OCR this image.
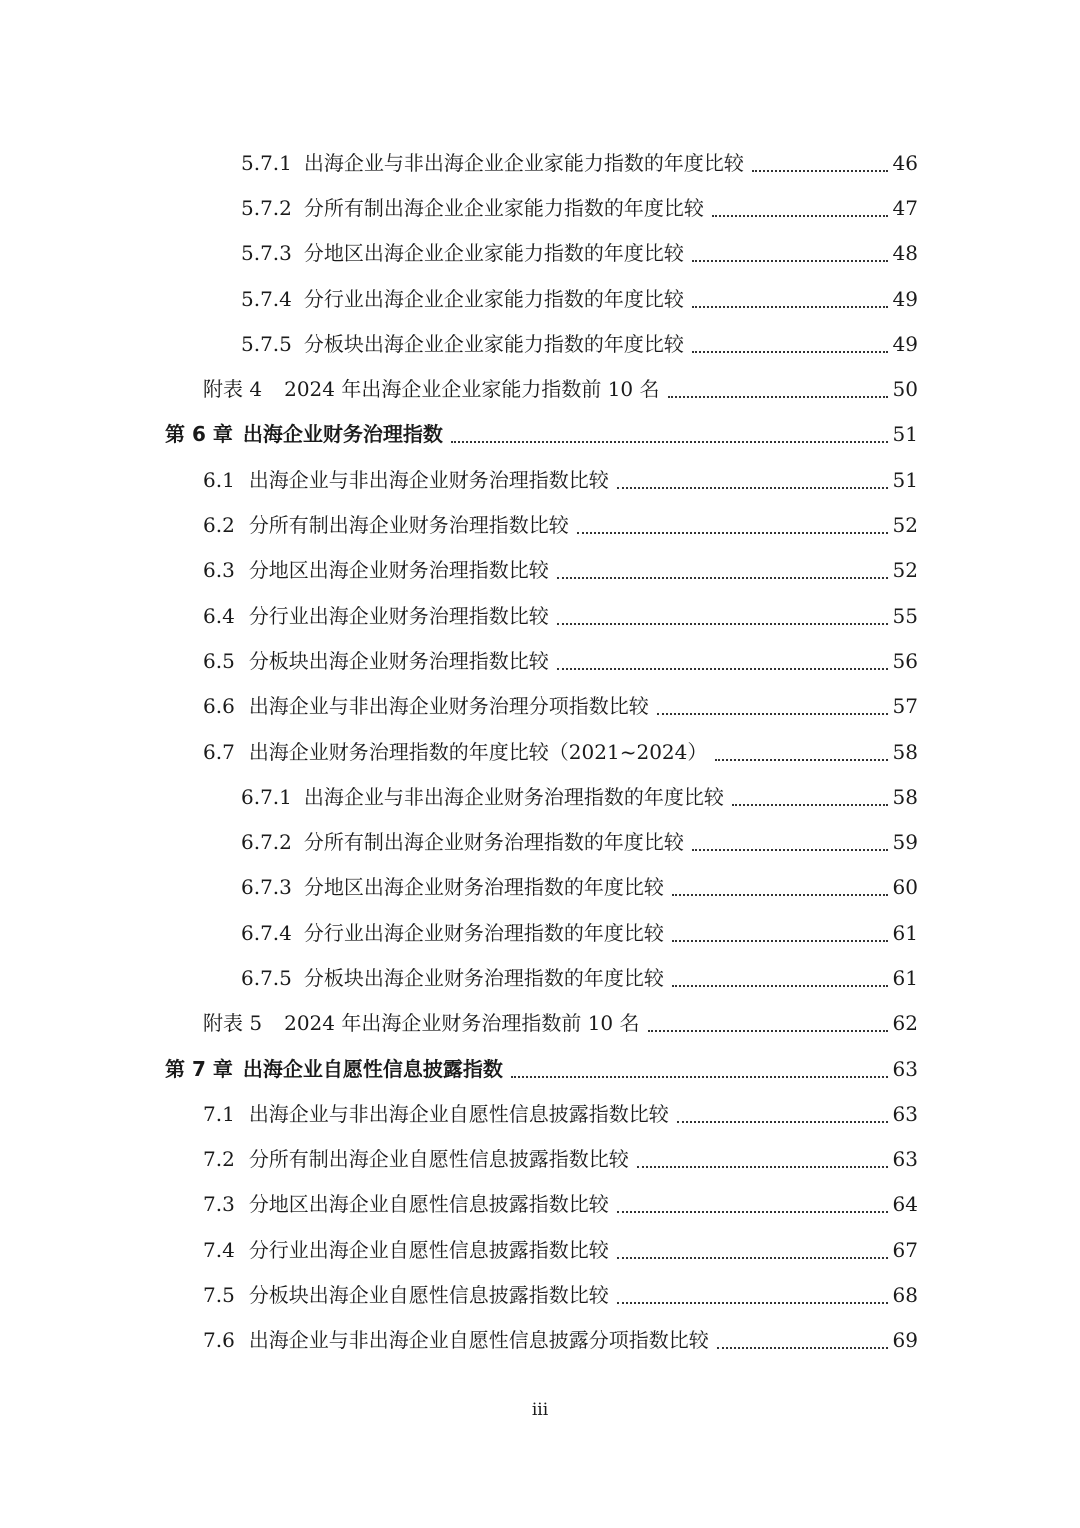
5.7.1 出海企业与非出海企业企业家能力指数的年度比较	46
5.7.2 分所有制出海企业企业家能力指数的年度比较	47
5.7.3 分地区出海企业企业家能力指数的年度比较	48
5.7.4 分行业出海企业企业家能力指数的年度比较	49
5.7.5 分板块出海企业企业家能力指数的年度比较	49
附表 4 2024 年出海企业企业家能力指数前 10 名	50
第 6 章 出海企业财务治理指数	51
6.1 出海企业与非出海企业财务治理指数比较	51
6.2 分所有制出海企业财务治理指数比较	52
6.3 分地区出海企业财务治理指数比较	52
6.4 分行业出海企业财务治理指数比较	55
6.5 分板块出海企业财务治理指数比较	56
6.6 出海企业与非出海企业财务治理分项指数比较	57
6.7 出海企业财务治理指数的年度比较（2021~2024）	58
6.7.1 出海企业与非出海企业财务治理指数的年度比较	58
6.7.2 分所有制出海企业财务治理指数的年度比较	59
6.7.3 分地区出海企业财务治理指数的年度比较	60
6.7.4 分行业出海企业财务治理指数的年度比较	61
6.7.5 分板块出海企业财务治理指数的年度比较	61
附表 5 2024 年出海企业财务治理指数前 10 名	62
第 7 章 出海企业自愿性信息披露指数	63
7.1 出海企业与非出海企业自愿性信息披露指数比较	63
7.2 分所有制出海企业自愿性信息披露指数比较	63
7.3 分地区出海企业自愿性信息披露指数比较	64
7.4 分行业出海企业自愿性信息披露指数比较	67
7.5 分板块出海企业自愿性信息披露指数比较	68
7.6 出海企业与非出海企业自愿性信息披露分项指数比较	69
iii
